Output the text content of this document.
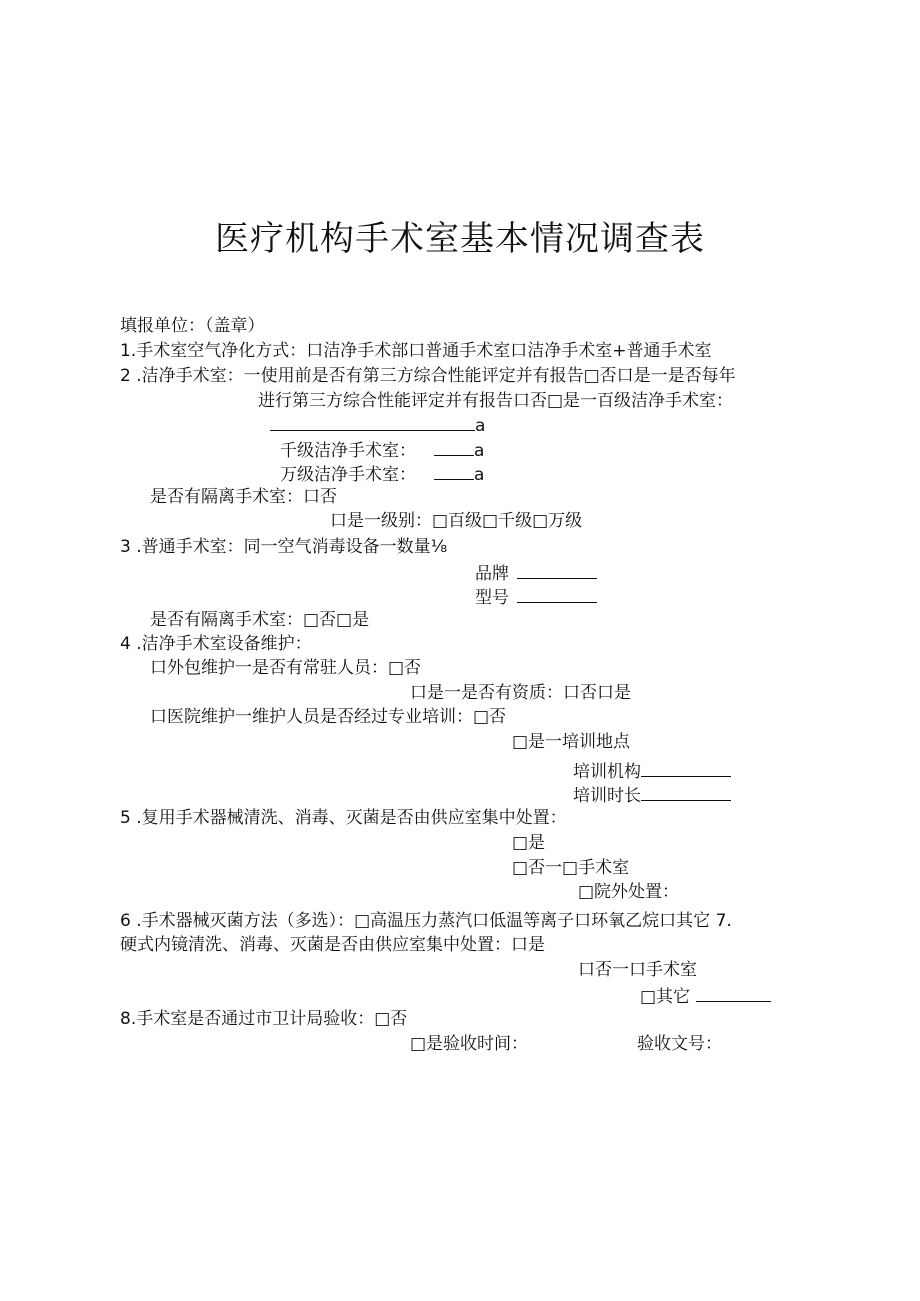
医疗机构手术室基本情况调查表
填报单位：（盖章）
1.手术室空气净化方式：口洁净手术部口普通手术室口洁净手术室+普通手术室
2 .洁净手术室：一使用前是否有第三方综合性能评定并有报告□否口是一是否每年
进行第三方综合性能评定并有报告口否□是一百级洁净手术室：
a
千级洁净手术室：	a
万级洁净手术室：	a
是否有隔离手术室：口否
口是一级别：□百级□千级□万级
3 .普通手术室：同一空气消毒设备一数量⅛
品牌
型号
是否有隔离手术室：□否□是
4 .洁净手术室设备维护：
口外包维护一是否有常驻人员：□否
口是一是否有资质：口否口是
口医院维护一维护人员是否经过专业培训：□否
□是一培训地点
培训机构
培训时长
5 .复用手术器械清洗、消毒、灭菌是否由供应室集中处置：
□是
□否一□手术室
□院外处置：
6 .手术器械灭菌方法（多选）：□高温压力蒸汽口低温等离子口环氧乙烷口其它 7.
硬式内镜清洗、消毒、灭菌是否由供应室集中处置：口是
口否一口手术室
□其它
8.手术室是否通过市卫计局验收：□否
□是验收时间：	验收文号：
